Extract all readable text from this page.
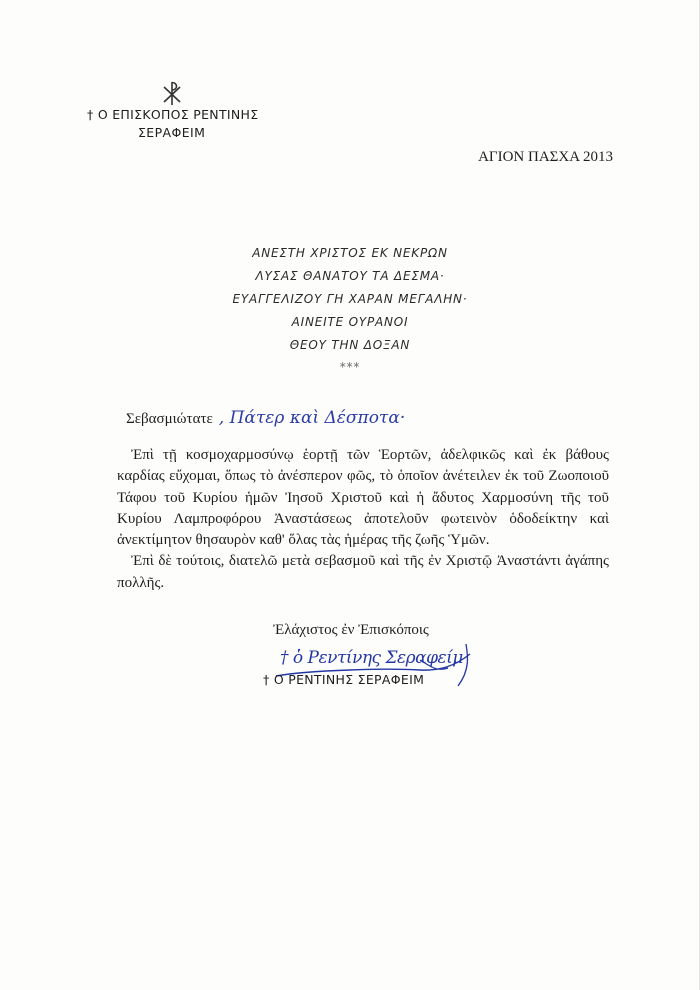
† Ο ΕΠΙΣΚΟΠΟΣ ΡΕΝΤΙΝΗΣ
ΣΕΡΑΦΕΙΜ
ΑΓΙΟΝ ΠΑΣΧΑ 2013
ΑΝΕΣΤΗ ΧΡΙΣΤΟΣ ΕΚ ΝΕΚΡΩΝ
ΛΥΣΑΣ ΘΑΝΑΤΟΥ ΤΑ ΔΕΣΜΑ·
ΕΥΑΓΓΕΛΙΖΟΥ ΓΗ ΧΑΡΑΝ ΜΕΓΑΛΗΝ·
ΑΙΝΕΙΤΕ ΟΥΡΑΝΟΙ
ΘΕΟΥ ΤΗΝ ΔΟΞΑΝ
***
Σεβασμιώτατε , Πάτερ καὶ Δέσποτα·

Ἐπὶ τῇ κοσμοχαρμοσύνῳ ἑορτῇ τῶν Ἑορτῶν, ἀδελφικῶς καὶ ἐκ βάθους καρδίας εὔχομαι, ὅπως τὸ ἀνέσπερον φῶς, τὸ ὁποῖον ἀνέτειλεν ἐκ τοῦ Ζωοποιοῦ Τάφου τοῦ Κυρίου ἡμῶν Ἰησοῦ Χριστοῦ καὶ ἡ ἄδυτος Χαρμοσύνη τῆς τοῦ Κυρίου Λαμπροφόρου Ἀναστάσεως ἀποτελοῦν φωτεινὸν ὁδοδείκτην καὶ ἀνεκτίμητον θησαυρὸν καθ' ὅλας τὰς ἡμέρας τῆς ζωῆς Ὑμῶν.

Ἐπὶ δὲ τούτοις, διατελῶ μετὰ σεβασμοῦ καὶ τῆς ἐν Χριστῷ Ἀναστάντι ἀγάπης πολλῆς.

Ἐλάχιστος ἐν Ἐπισκόποις
† ὁ Ρεντίνης Σεραφείμ
† Ο ΡΕΝΤΙΝΗΣ ΣΕΡΑΦΕΙΜ
